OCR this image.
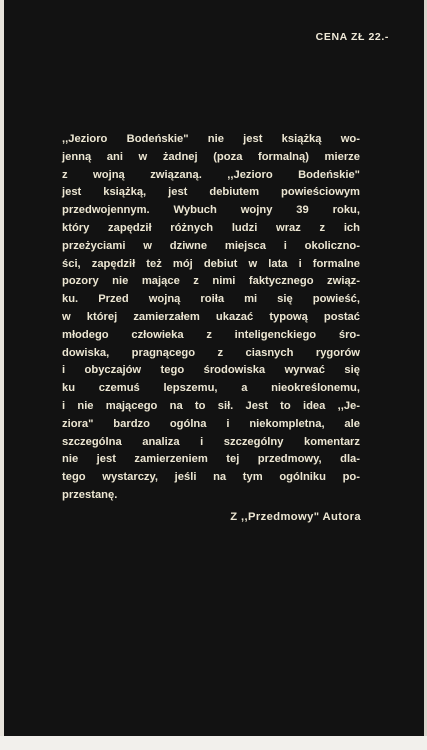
CENA ZŁ 22.-
,,Jezioro Bodeńskie" nie jest książką wo-
jenną ani w żadnej (poza formalną) mierze
z wojną związaną. ,,Jezioro Bodeńskie"
jest książką, jest debiutem powieściowym
przedwojennym. Wybuch wojny 39 roku,
który zapędził różnych ludzi wraz z ich
przeżyciami w dziwne miejsca i okoliczno-
ści, zapędził też mój debiut w lata i formalne
pozory nie mające z nimi faktycznego związ-
ku. Przed wojną roiła mi się powieść,
w której zamierzałem ukazać typową postać
młodego człowieka z inteligenckiego śro-
dowiska, pragnącego z ciasnych rygorów
i obyczajów tego środowiska wyrwać się
ku czemuś lepszemu, a nieokreślonemu,
i nie mającego na to sił. Jest to idea ,,Je-
ziora" bardzo ogólna i niekompletna, ale
szczególna analiza i szczególny komentarz
nie jest zamierzeniem tej przedmowy, dla-
tego wystarczy, jeśli na tym ogólniku po-
przestanę.
Z ,,Przedmowy" Autora
